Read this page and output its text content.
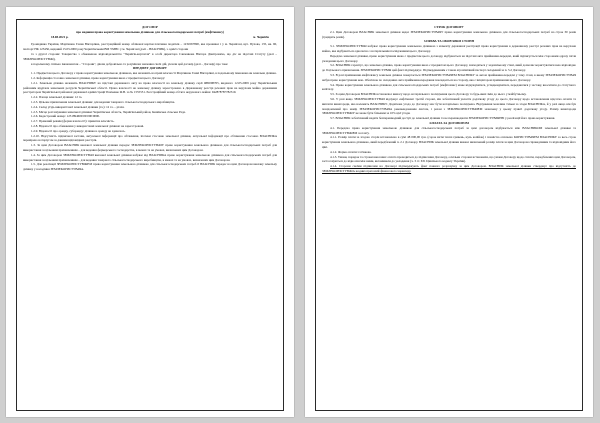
ДОГОВІР

про надання права користування земельною ділянкою для сільськогосподарських потреб (емфітевзису)

18.08.2021 р.	м. Чернігів

Громадянка України, Мартинюк Ганна Вікторівна, реєстраційний номер облікової картки платника податків – 1234567890, яка проживає і у м. Чернігові, вул. Пухова, 135, кв. 60, паспорт НК 123456, виданий 15.03.2000 року Чернігівським ВМ УМВС у м. Чернігові (далі – ВЛАСНИК), з однієї сторони

та з другої сторони: Товариство з обмеженою відповідальністю "Чернігів-картопля" в особі директора Савченкова Віктора Дмитровича, що діє на підставі Статуту (далі – ЗЕМЛЕКОРИСТУВАЧ),

в подальшому спільно іменовані як – "Сторони", діючи добровільно та розуміючи значення своїх дій, уклали цей договір (далі – Договір) про таке:

ПРЕДМЕТ ДОГОВОРУ

1.1. Предметом цього Договору є право користування земельною ділянкою, яка належить на праві власності Мартинюк Ганні Вікторівні, в подальшому іменована як земельна ділянка.

1.2. Інформація стосовно земельної ділянки, право користування якою є предметом цього Договору:

1.2.1. Земельна ділянка належить ВЛАСНИКУ на підставі державного акту на право власності на земельну ділянку серії ЯЮ098765, виданого 12.05.2009 року Чернігівським районним відділом земельних ресурсів Чернігівської області. Право власності на земельну ділянку зареєстровано в Державному реєстрі речових прав на нерухоме майно державним реєстратором Чернігівської районної державної адміністрації Панченко Ф.В. за № 1555551. Реєстраційний номер об'єкта нерухомого майна: 942878787782319.

1.2.2. Площа земельної ділянки: 12 га.

1.2.3. Цільове призначення земельної ділянки: для ведення товарного сільськогосподарського виробництва.

1.2.4. Склад угідь використаної земельної ділянки (га.): 12 га. – рілля.

1.2.5. Місце розташування земельної ділянки: Чернігівська область, Чернігівський район, Івашівська сільська Рада.

1.2.6. Кадастровий номер: 1231894600:00:000:0000.

1.2.7. Правовий режим (форма власності): приватна власність.

1.2.8. Відомості про обмеження у використанні земельної ділянки: не зареєстровані.

1.2.9. Відомості про оренду, суборенду: ділянка в оренду не здавалась.

1.2.10. Відсутність підписаної застави, актуальної інформації про обтяження, іпотеки стосовно земельної ділянки, актуальної інформації про обтяження стосовно ВЛАСНИКА перевірено нотаріусом за даними відповідних реєстрів.

1.3. За цим Договором ВЛАСНИК вказаної земельної ділянки передає ЗЕМЛЕКОРИСТУВАЧУ право користування земельною ділянкою для сільськогосподарських потреб для використання за цільовим призначенням – для ведення фермерського господарства, в межах та на умовах, визначених цим Договором.

1.4. За цим Договором ЗЕМЛЕКОРИСТУВАЧ вказаної земельної ділянки набуває від ВЛАСНИКА право користування земельною ділянкою для сільськогосподарських потреб для використання за цільовим призначенням – для ведення товарного сільськогосподарського виробництва, в межах та на умовах, визначених цим Договором.

1.5. Для реалізації ЗЕМЛЕКОРИСТУВАЧЕМ права користування земельною ділянкою для сільськогосподарських потреб її ВЛАСНИК передає на цим Договором вказану земельну ділянку у володіння ЗЕМЛЕКОРИСТУВАЧА.

СТРОК ДОГОВОРУ

2.1. Цим Договором ВЛАСНИК земельної ділянки надає ЗЕМЛЕКОРИСТУВАЧУ право користування земельною ділянкою для сільськогосподарських потреб на строк 30 років (тридцять років).

3.ПРАВА ТА ОБОВ'ЯЗКИ СТОРІН

3.1. ЗЕМЛЕКОРИСТУВАЧ набуває права користування земельною ділянкою з моменту державної реєстрації права користування в державному реєстрі речових прав на нерухоме майно, яка відбувається одночасно з нотаріальним посвідченням цього Договору.

Передача земельної ділянки, право користування якою є предметом цього договору, відбувається на підставі акта приймання-передачі, який підписується між сторонами одразу після укладення цього Договору.

3.2. ВЛАСНИК гарантує, що земельна ділянка, право користування якою є предметом цього Договору, знаходиться у задовільному стані, який дозволяє користуватися нею відповідно до її цільового призначення. ЗЕМЛЕКОРИСТУВАЧ цей факт підтверджує. Підтвердженням є також агрохімічний паспорт складений за п. 5.2 Договору.

3.3. В разі припинення емфітевзису земельна ділянка повертається ЗЕМЛЕКОРИСТУВАЧЕМ ВЛАСНИКУ за актом приймання-передачі у тому стані, в якому ЗЕМЛЕКОРИСТУВАЧ набув право користування нею. Обов'язок по складанню акта приймання-передання покладається на сторону, яка є ініціатором припинення цього Договору.

3.4. Право користування земельною ділянкою для сільськогосподарських потреб (емфітевзис) може відчужуватися, успадковуватися, передаватися у заставу, вноситися до статутного капіталу.

3.5. За цим Договором ВЛАСНИК встановлює вимогу щодо нотаріального посвідчення цього Договору та будь-яких змін до нього у майбутньому.

3.6. У разі якщо ЗЕМЛЕКОРИСТУВАЧ відчужує емфітевзис третій стороні, він зобов'язаний укласти додаткову угоду до цього Договору щодо встановлення відсотка оплати та виплати винагороди, яка належить ВЛАСНИКУ. Додаткова угода до Договору має бути нотаріально посвідчена. Відчуження можливе тільки за згоди ВЛАСНИКА, й у разі якщо він був повідомлений про намір ЗЕМЛЕКОРИСТУВАЧА рекомендованим листом, і разом з ЗЕМЛЕКОРИСТУВАЧЕМ зазначену у цьому пункті додаткову угоду. Розмір винагороди ЗЕМЛЕКОРИСТУВАЧУ не може бути більшим за 10% цієї угоди.

3.7. ВЛАСНИК зобов'язаний надати безперешкодний доступ до земельної ділянки та не перешкоджати ЗЕМЛЕКОРИСТУВАЧЕВІ у реалізації його права користування.

4.ПЛАТА ЗА ДОГОВОРОМ

4.1. Передача права користування земельною ділянкою для сільськогосподарських потреб за цим договором відбувається між ВЛАСНИКОМ земельної ділянки та ЗЕМЛЕКОРИСТУВАЧЕМ за плату.

4.1.1. Розмір плати за згодою сторін встановлено в сумі 48 000,00 грн. (сорок вісім тисяч гривень, нуль копійок) і повністю оплачено КОРИСТУВАЧЕМ ВЛАСНИКУ за весь строк користування земельною ділянкою, який передбачений п. 2.1 Договору. ВЛАСНИК земельної ділянки вважає визначений розмір плати за цим Договором справедливим та відповідним його ціні.

4.1.2. Форма оплати: готівкова.

4.1.3. Умови, порядок та строки внесення: оплата проводиться до підписання Договору, оскільки сторони встановили, що умови Договору щодо сплати, передбачених цим Договором, застосовуються до відносин між ними, які виникли до укладення (ч. 3 ст. 631 Цивільного кодексу України).

4.1.4. Сторони своїми підписами на Договорі підтверджують факт повного розрахунку за цим Договором. ВЛАСНИК земельної ділянки стверджує про відсутність до ЗЕМЛЕКОРИСТУВАЧА жодних претензій фінансового характеру.
